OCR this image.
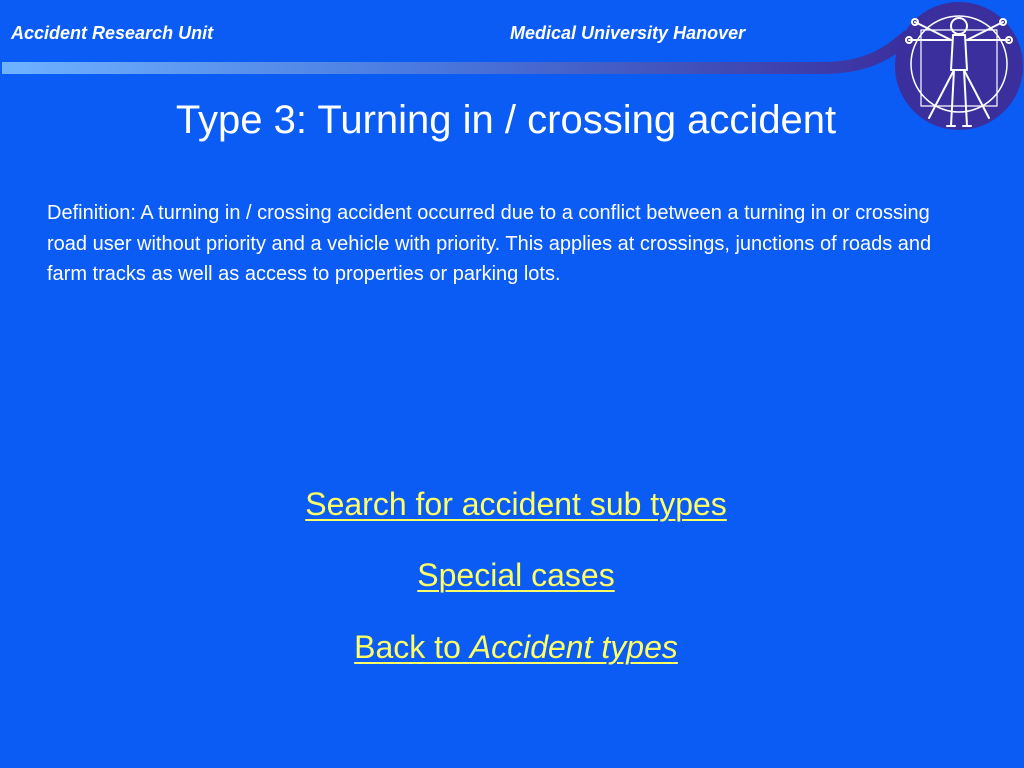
Accident Research Unit	Medical University Hanover
Type 3: Turning in / crossing accident
Definition: A turning in / crossing accident occurred due to a conflict between a turning in or crossing road user without priority and a vehicle with priority. This applies at crossings, junctions of roads and farm tracks as well as access to properties or parking lots.
Search for accident sub types
Special cases
Back to Accident types
